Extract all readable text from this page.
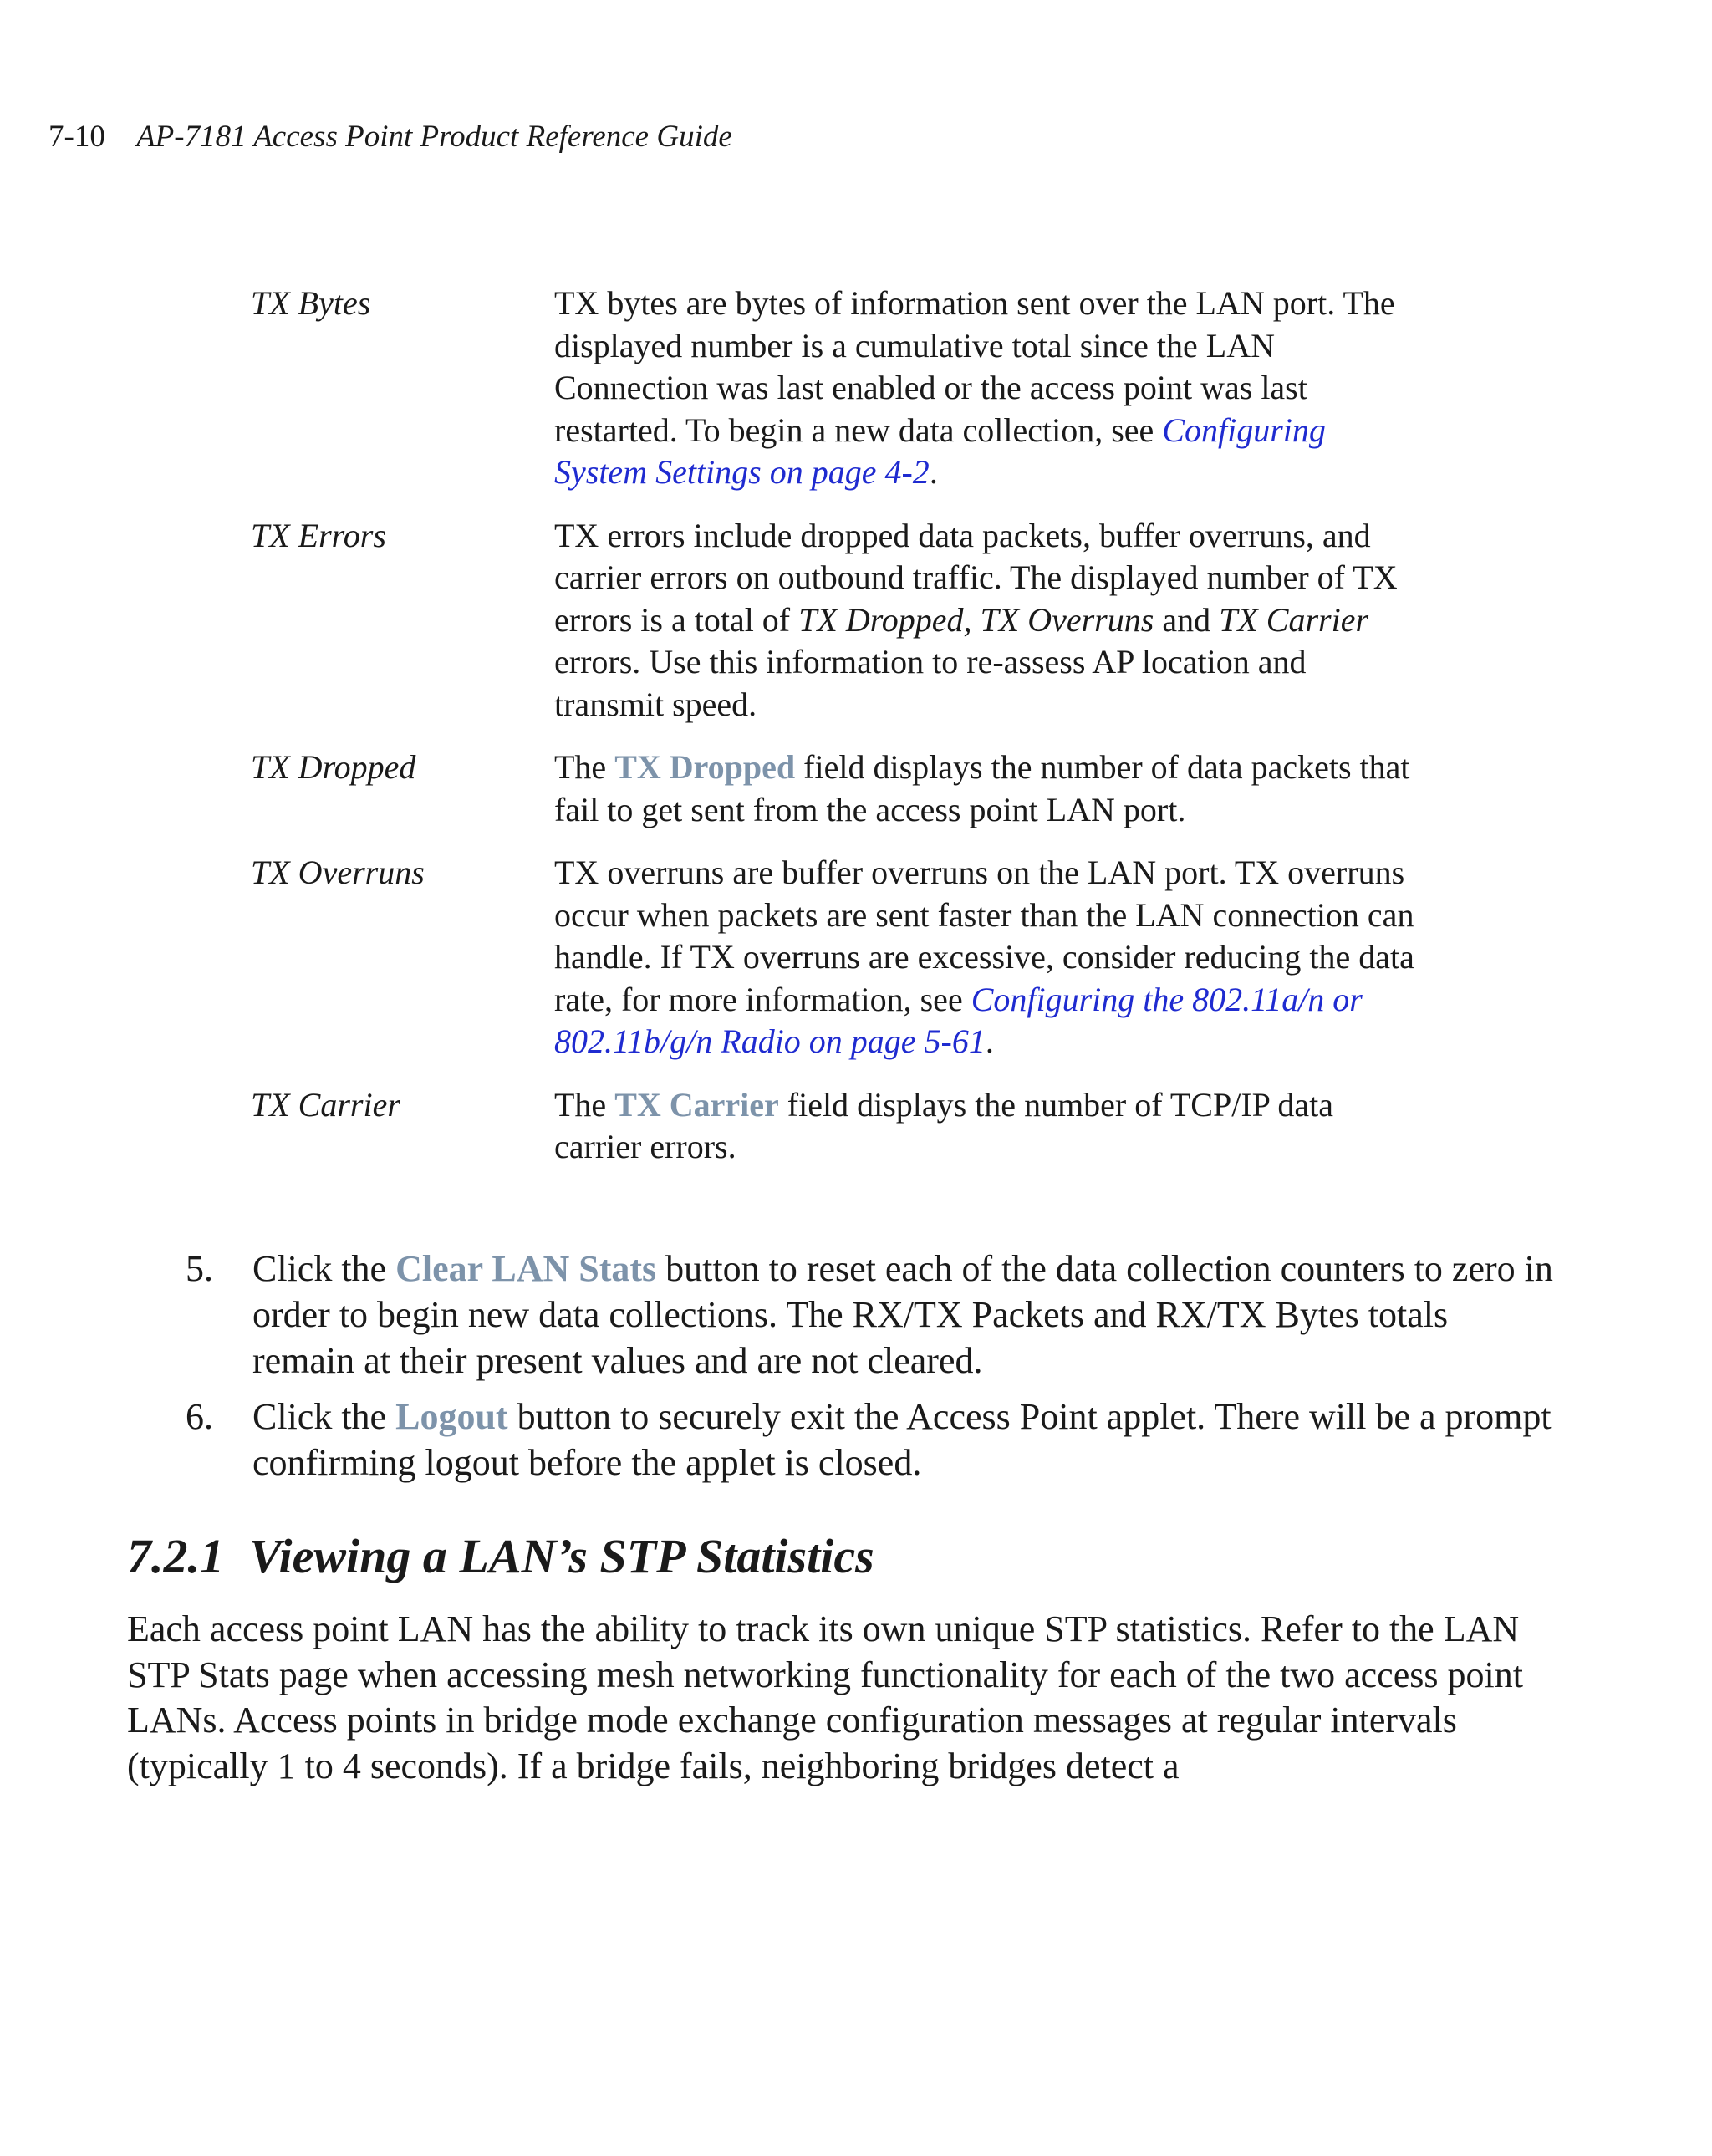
7-10 AP-7181 Access Point Product Reference Guide
TX Bytes	TX bytes are bytes of information sent over the LAN port. The displayed number is a cumulative total since the LAN Connection was last enabled or the access point was last restarted. To begin a new data collection, see Configuring System Settings on page 4-2.
TX Errors	TX errors include dropped data packets, buffer overruns, and carrier errors on outbound traffic. The displayed number of TX errors is a total of TX Dropped, TX Overruns and TX Carrier errors. Use this information to re-assess AP location and transmit speed.
TX Dropped	The TX Dropped field displays the number of data packets that fail to get sent from the access point LAN port.
TX Overruns	TX overruns are buffer overruns on the LAN port. TX overruns occur when packets are sent faster than the LAN connection can handle. If TX overruns are excessive, consider reducing the data rate, for more information, see Configuring the 802.11a/n or 802.11b/g/n Radio on page 5-61.
TX Carrier	The TX Carrier field displays the number of TCP/IP data carrier errors.
5.	Click the Clear LAN Stats button to reset each of the data collection counters to zero in order to begin new data collections. The RX/TX Packets and RX/TX Bytes totals remain at their present values and are not cleared.
6.	Click the Logout button to securely exit the Access Point applet. There will be a prompt confirming logout before the applet is closed.
7.2.1 Viewing a LAN’s STP Statistics

Each access point LAN has the ability to track its own unique STP statistics. Refer to the LAN STP Stats page when accessing mesh networking functionality for each of the two access point LANs. Access points in bridge mode exchange configuration messages at regular intervals (typically 1 to 4 seconds). If a bridge fails, neighboring bridges detect a
